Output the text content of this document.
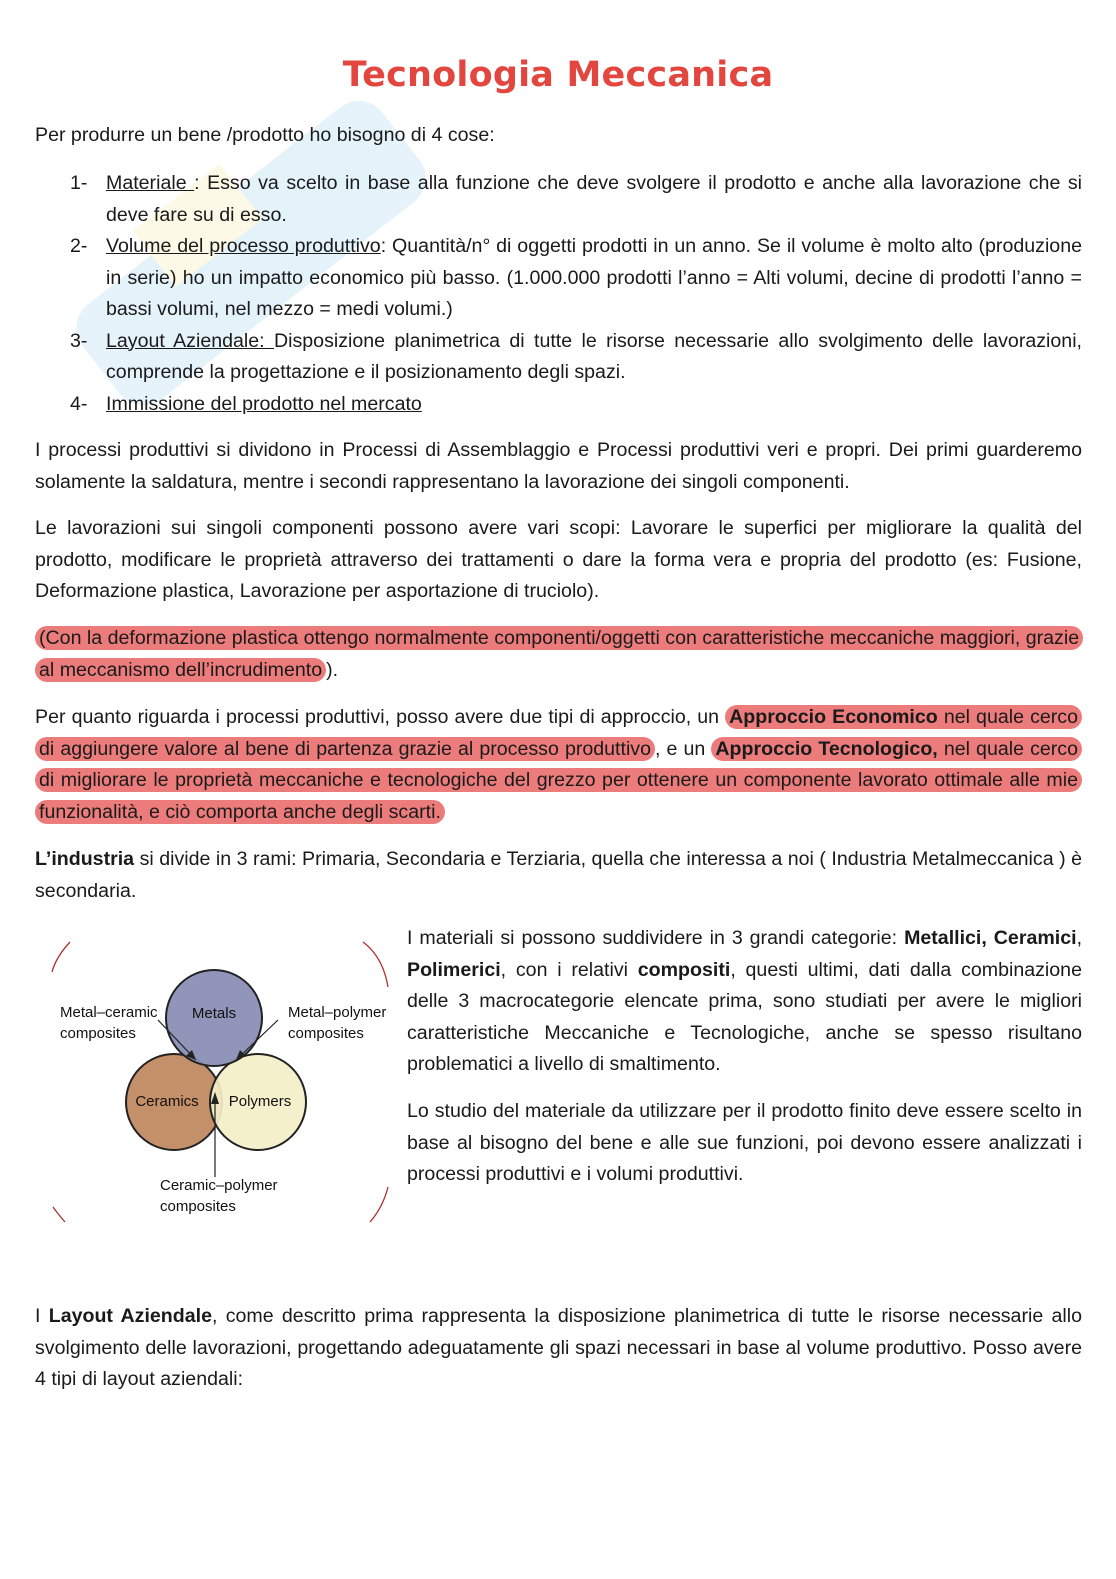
Tecnologia Meccanica
Per produrre un bene /prodotto ho bisogno di 4 cose:
1- Materiale : Esso va scelto in base alla funzione che deve svolgere il prodotto e anche alla lavorazione che si deve fare su di esso.
2- Volume del processo produttivo: Quantità/n° di oggetti prodotti in un anno. Se il volume è molto alto (produzione in serie) ho un impatto economico più basso. (1.000.000 prodotti l’anno = Alti volumi, decine di prodotti l’anno = bassi volumi, nel mezzo = medi volumi.)
3- Layout Aziendale: Disposizione planimetrica di tutte le risorse necessarie allo svolgimento delle lavorazioni, comprende la progettazione e il posizionamento degli spazi.
4- Immissione del prodotto nel mercato
I processi produttivi si dividono in Processi di Assemblaggio e Processi produttivi veri e propri. Dei primi guarderemo solamente la saldatura, mentre i secondi rappresentano la lavorazione dei singoli componenti.
Le lavorazioni sui singoli componenti possono avere vari scopi: Lavorare le superfici per migliorare la qualità del prodotto, modificare le proprietà attraverso dei trattamenti o dare la forma vera e propria del prodotto (es: Fusione, Deformazione plastica, Lavorazione per asportazione di truciolo).
(Con la deformazione plastica ottengo normalmente componenti/oggetti con caratteristiche meccaniche maggiori, grazie al meccanismo dell’incrudimento ).
Per quanto riguarda i processi produttivi, posso avere due tipi di approccio, un Approccio Economico nel quale cerco di aggiungere valore al bene di partenza grazie al processo produttivo , e un Approccio Tecnologico, nel quale cerco di migliorare le proprietà meccaniche e tecnologiche del grezzo per ottenere un componente lavorato ottimale alle mie funzionalità, e ciò comporta anche degli scarti.
L’industria si divide in 3 rami: Primaria, Secondaria e Terziaria, quella che interessa a noi ( Industria Metalmeccanica ) è secondaria.
Metals
Ceramics Polymers
Metal–ceramic
composites
Metal–polymer
composites
Ceramic–polymer
composites
I materiali si possono suddividere in 3 grandi categorie: Metallici, Ceramici, Polimerici, con i relativi compositi, questi ultimi, dati dalla combinazione delle 3 macrocategorie elencate prima, sono studiati per avere le migliori caratteristiche Meccaniche e Tecnologiche, anche se spesso risultano problematici a livello di smaltimento.
Lo studio del materiale da utilizzare per il prodotto finito deve essere scelto in base al bisogno del bene e alle sue funzioni, poi devono essere analizzati i processi produttivi e i volumi produttivi.
I Layout Aziendale, come descritto prima rappresenta la disposizione planimetrica di tutte le risorse necessarie allo svolgimento delle lavorazioni, progettando adeguatamente gli spazi necessari in base al volume produttivo. Posso avere 4 tipi di layout aziendali:
